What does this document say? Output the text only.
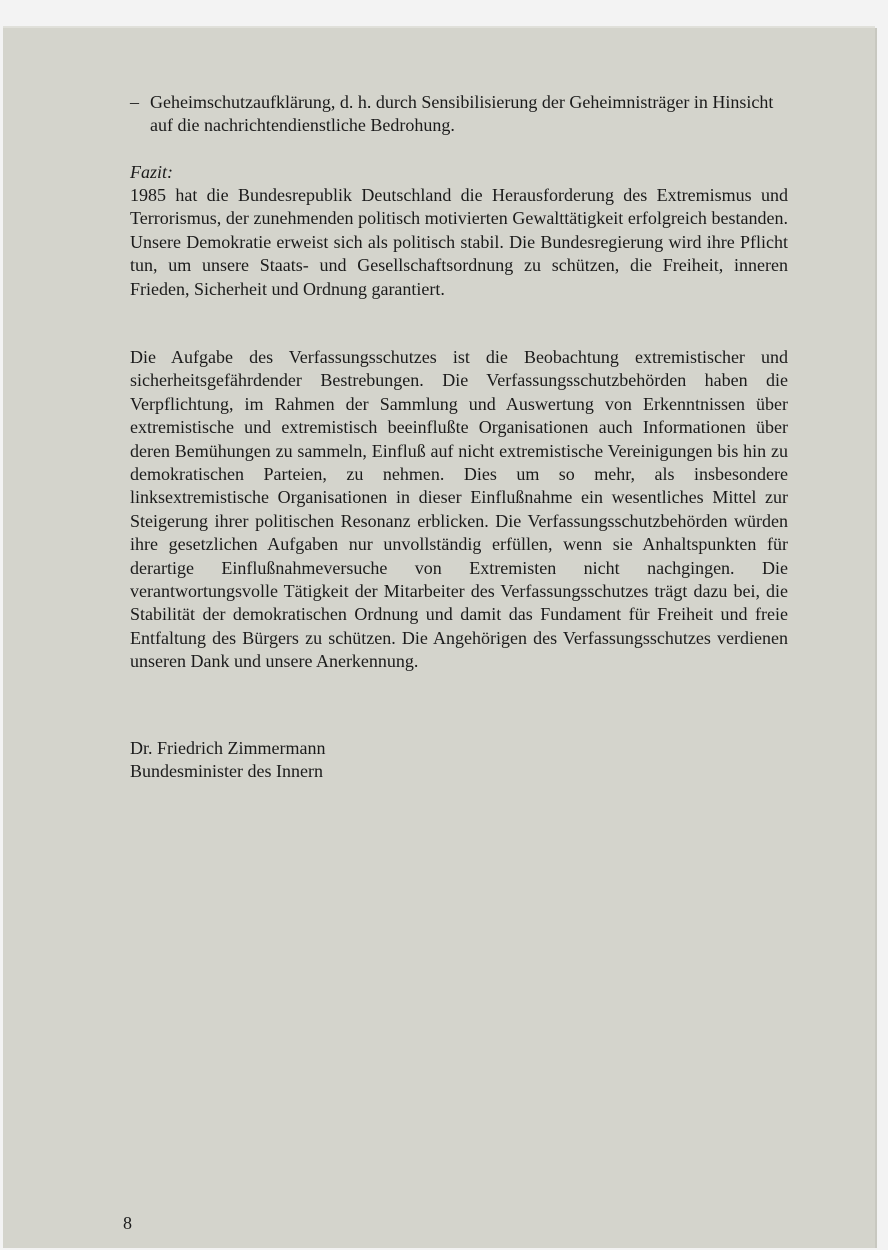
– Geheimschutzaufklärung, d. h. durch Sensibilisierung der Geheimnisträger in Hinsicht auf die nachrichtendienstliche Bedrohung.

Fazit:

1985 hat die Bundesrepublik Deutschland die Herausforderung des Extremismus und Terrorismus, der zunehmenden politisch motivierten Gewalttätigkeit erfolgreich bestanden. Unsere Demokratie erweist sich als politisch stabil. Die Bundesregierung wird ihre Pflicht tun, um unsere Staats- und Gesellschaftsordnung zu schützen, die Freiheit, inneren Frieden, Sicherheit und Ordnung garantiert.

Die Aufgabe des Verfassungsschutzes ist die Beobachtung extremistischer und sicherheitsgefährdender Bestrebungen. Die Verfassungsschutzbehörden haben die Verpflichtung, im Rahmen der Sammlung und Auswertung von Erkenntnissen über extremistische und extremistisch beeinflußte Organisationen auch Informationen über deren Bemühungen zu sammeln, Einfluß auf nicht extremistische Vereinigungen bis hin zu demokratischen Parteien, zu nehmen. Dies um so mehr, als insbesondere linksextremistische Organisationen in dieser Einflußnahme ein wesentliches Mittel zur Steigerung ihrer politischen Resonanz erblicken. Die Verfassungsschutzbehörden würden ihre gesetzlichen Aufgaben nur unvollständig erfüllen, wenn sie Anhaltspunkten für derartige Einflußnahmeversuche von Extremisten nicht nachgingen. Die verantwortungsvolle Tätigkeit der Mitarbeiter des Verfassungsschutzes trägt dazu bei, die Stabilität der demokratischen Ordnung und damit das Fundament für Freiheit und freie Entfaltung des Bürgers zu schützen. Die Angehörigen des Verfassungsschutzes verdienen unseren Dank und unsere Anerkennung.

Dr. Friedrich Zimmermann
Bundesminister des Innern

8
